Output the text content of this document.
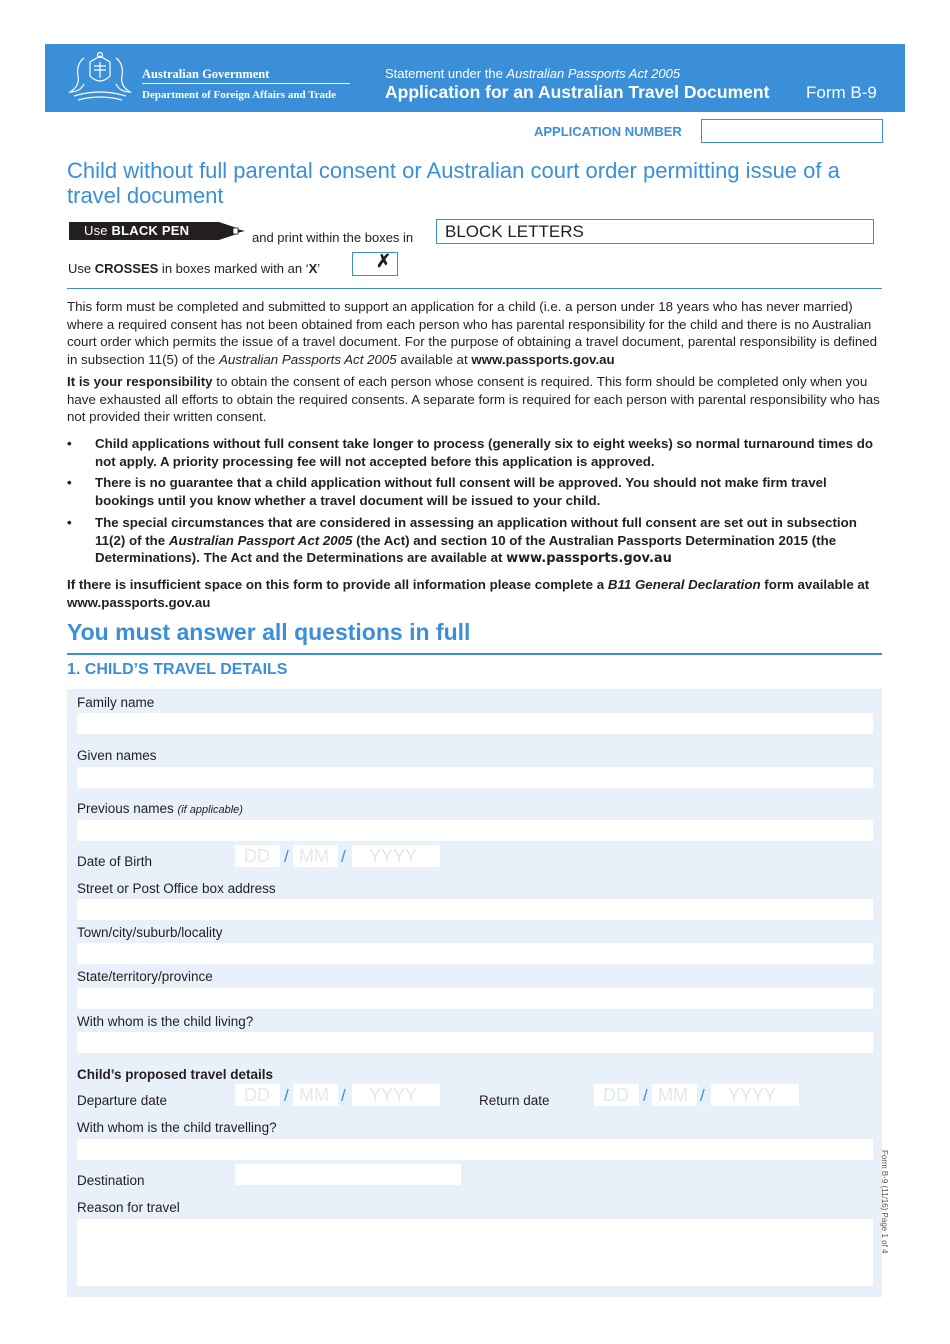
Australian Government
Department of Foreign Affairs and Trade
Statement under the Australian Passports Act 2005
Application for an Australian Travel Document Form B-9
APPLICATION NUMBER
Child without full parental consent or Australian court order permitting issue of a travel document
Use BLACK PEN	and print within the boxes in BLOCK LETTERS
Use CROSSES in boxes marked with an ‘X’	✗
This form must be completed and submitted to support an application for a child (i.e. a person under 18 years who has never married) where a required consent has not been obtained from each person who has parental responsibility for the child and there is no Australian court order which permits the issue of a travel document. For the purpose of obtaining a travel document, parental responsibility is defined in subsection 11(5) of the Australian Passports Act 2005 available at www.passports.gov.au
It is your responsibility to obtain the consent of each person whose consent is required. This form should be completed only when you have exhausted all efforts to obtain the required consents. A separate form is required for each person with parental responsibility who has not provided their written consent.
• Child applications without full consent take longer to process (generally six to eight weeks) so normal turnaround times do not apply. A priority processing fee will not accepted before this application is approved.
• There is no guarantee that a child application without full consent will be approved. You should not make firm travel bookings until you know whether a travel document will be issued to your child.
• The special circumstances that are considered in assessing an application without full consent are set out in subsection 11(2) of the Australian Passport Act 2005 (the Act) and section 10 of the Australian Passports Determination 2015 (the Determinations). The Act and the Determinations are available at www.passports.gov.au
If there is insufficient space on this form to provide all information please complete a B11 General Declaration form available at www.passports.gov.au
You must answer all questions in full
1. CHILD’S TRAVEL DETAILS
Family name
Given names
Previous names (if applicable)
Date of Birth	DD / MM / YYYY
Street or Post Office box address
Town/city/suburb/locality
State/territory/province
With whom is the child living?
Child’s proposed travel details
Departure date	DD / MM / YYYY	Return date	DD / MM / YYYY
With whom is the child travelling?
Destination
Reason for travel	Form B-9 (11/16) Page 1 of 4
